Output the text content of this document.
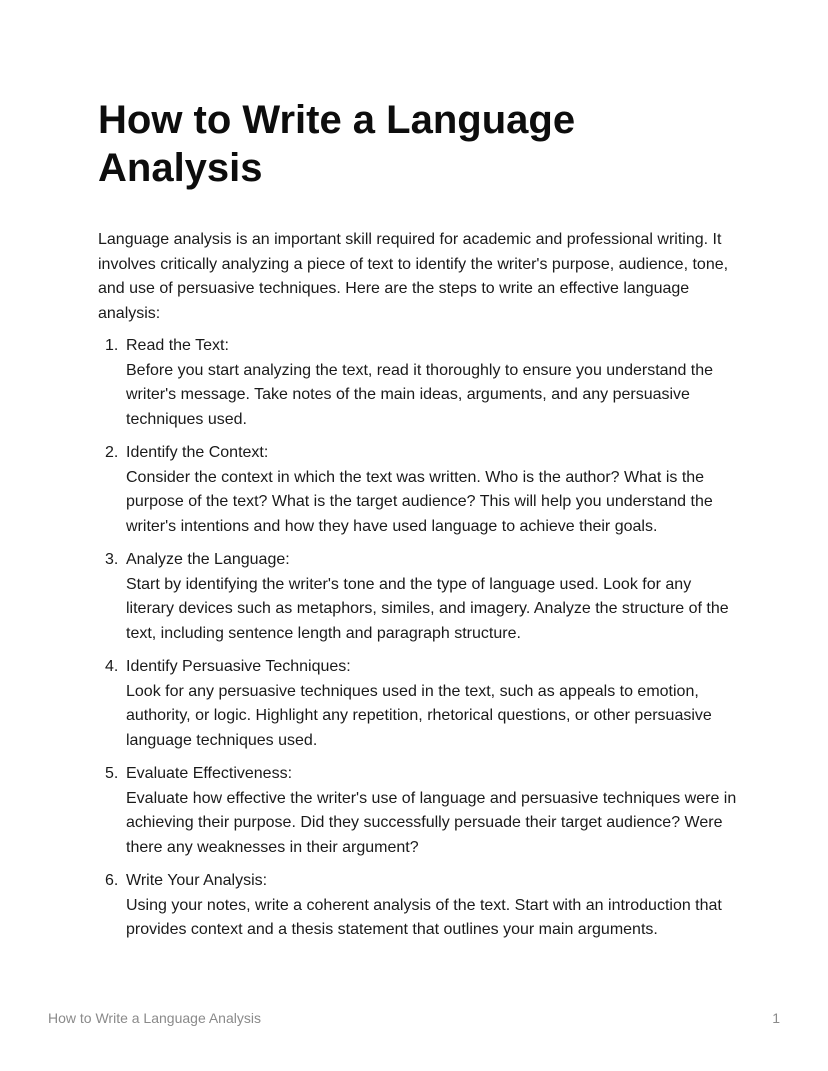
How to Write a Language Analysis

Language analysis is an important skill required for academic and professional writing. It involves critically analyzing a piece of text to identify the writer's purpose, audience, tone, and use of persuasive techniques. Here are the steps to write an effective language analysis:

1. Read the Text:
Before you start analyzing the text, read it thoroughly to ensure you understand the writer's message. Take notes of the main ideas, arguments, and any persuasive techniques used.
2. Identify the Context:
Consider the context in which the text was written. Who is the author? What is the purpose of the text? What is the target audience? This will help you understand the writer's intentions and how they have used language to achieve their goals.
3. Analyze the Language:
Start by identifying the writer's tone and the type of language used. Look for any literary devices such as metaphors, similes, and imagery. Analyze the structure of the text, including sentence length and paragraph structure.
4. Identify Persuasive Techniques:
Look for any persuasive techniques used in the text, such as appeals to emotion, authority, or logic. Highlight any repetition, rhetorical questions, or other persuasive language techniques used.
5. Evaluate Effectiveness:
Evaluate how effective the writer's use of language and persuasive techniques were in achieving their purpose. Did they successfully persuade their target audience? Were there any weaknesses in their argument?
6. Write Your Analysis:
Using your notes, write a coherent analysis of the text. Start with an introduction that provides context and a thesis statement that outlines your main arguments.
How to Write a Language Analysis	1
